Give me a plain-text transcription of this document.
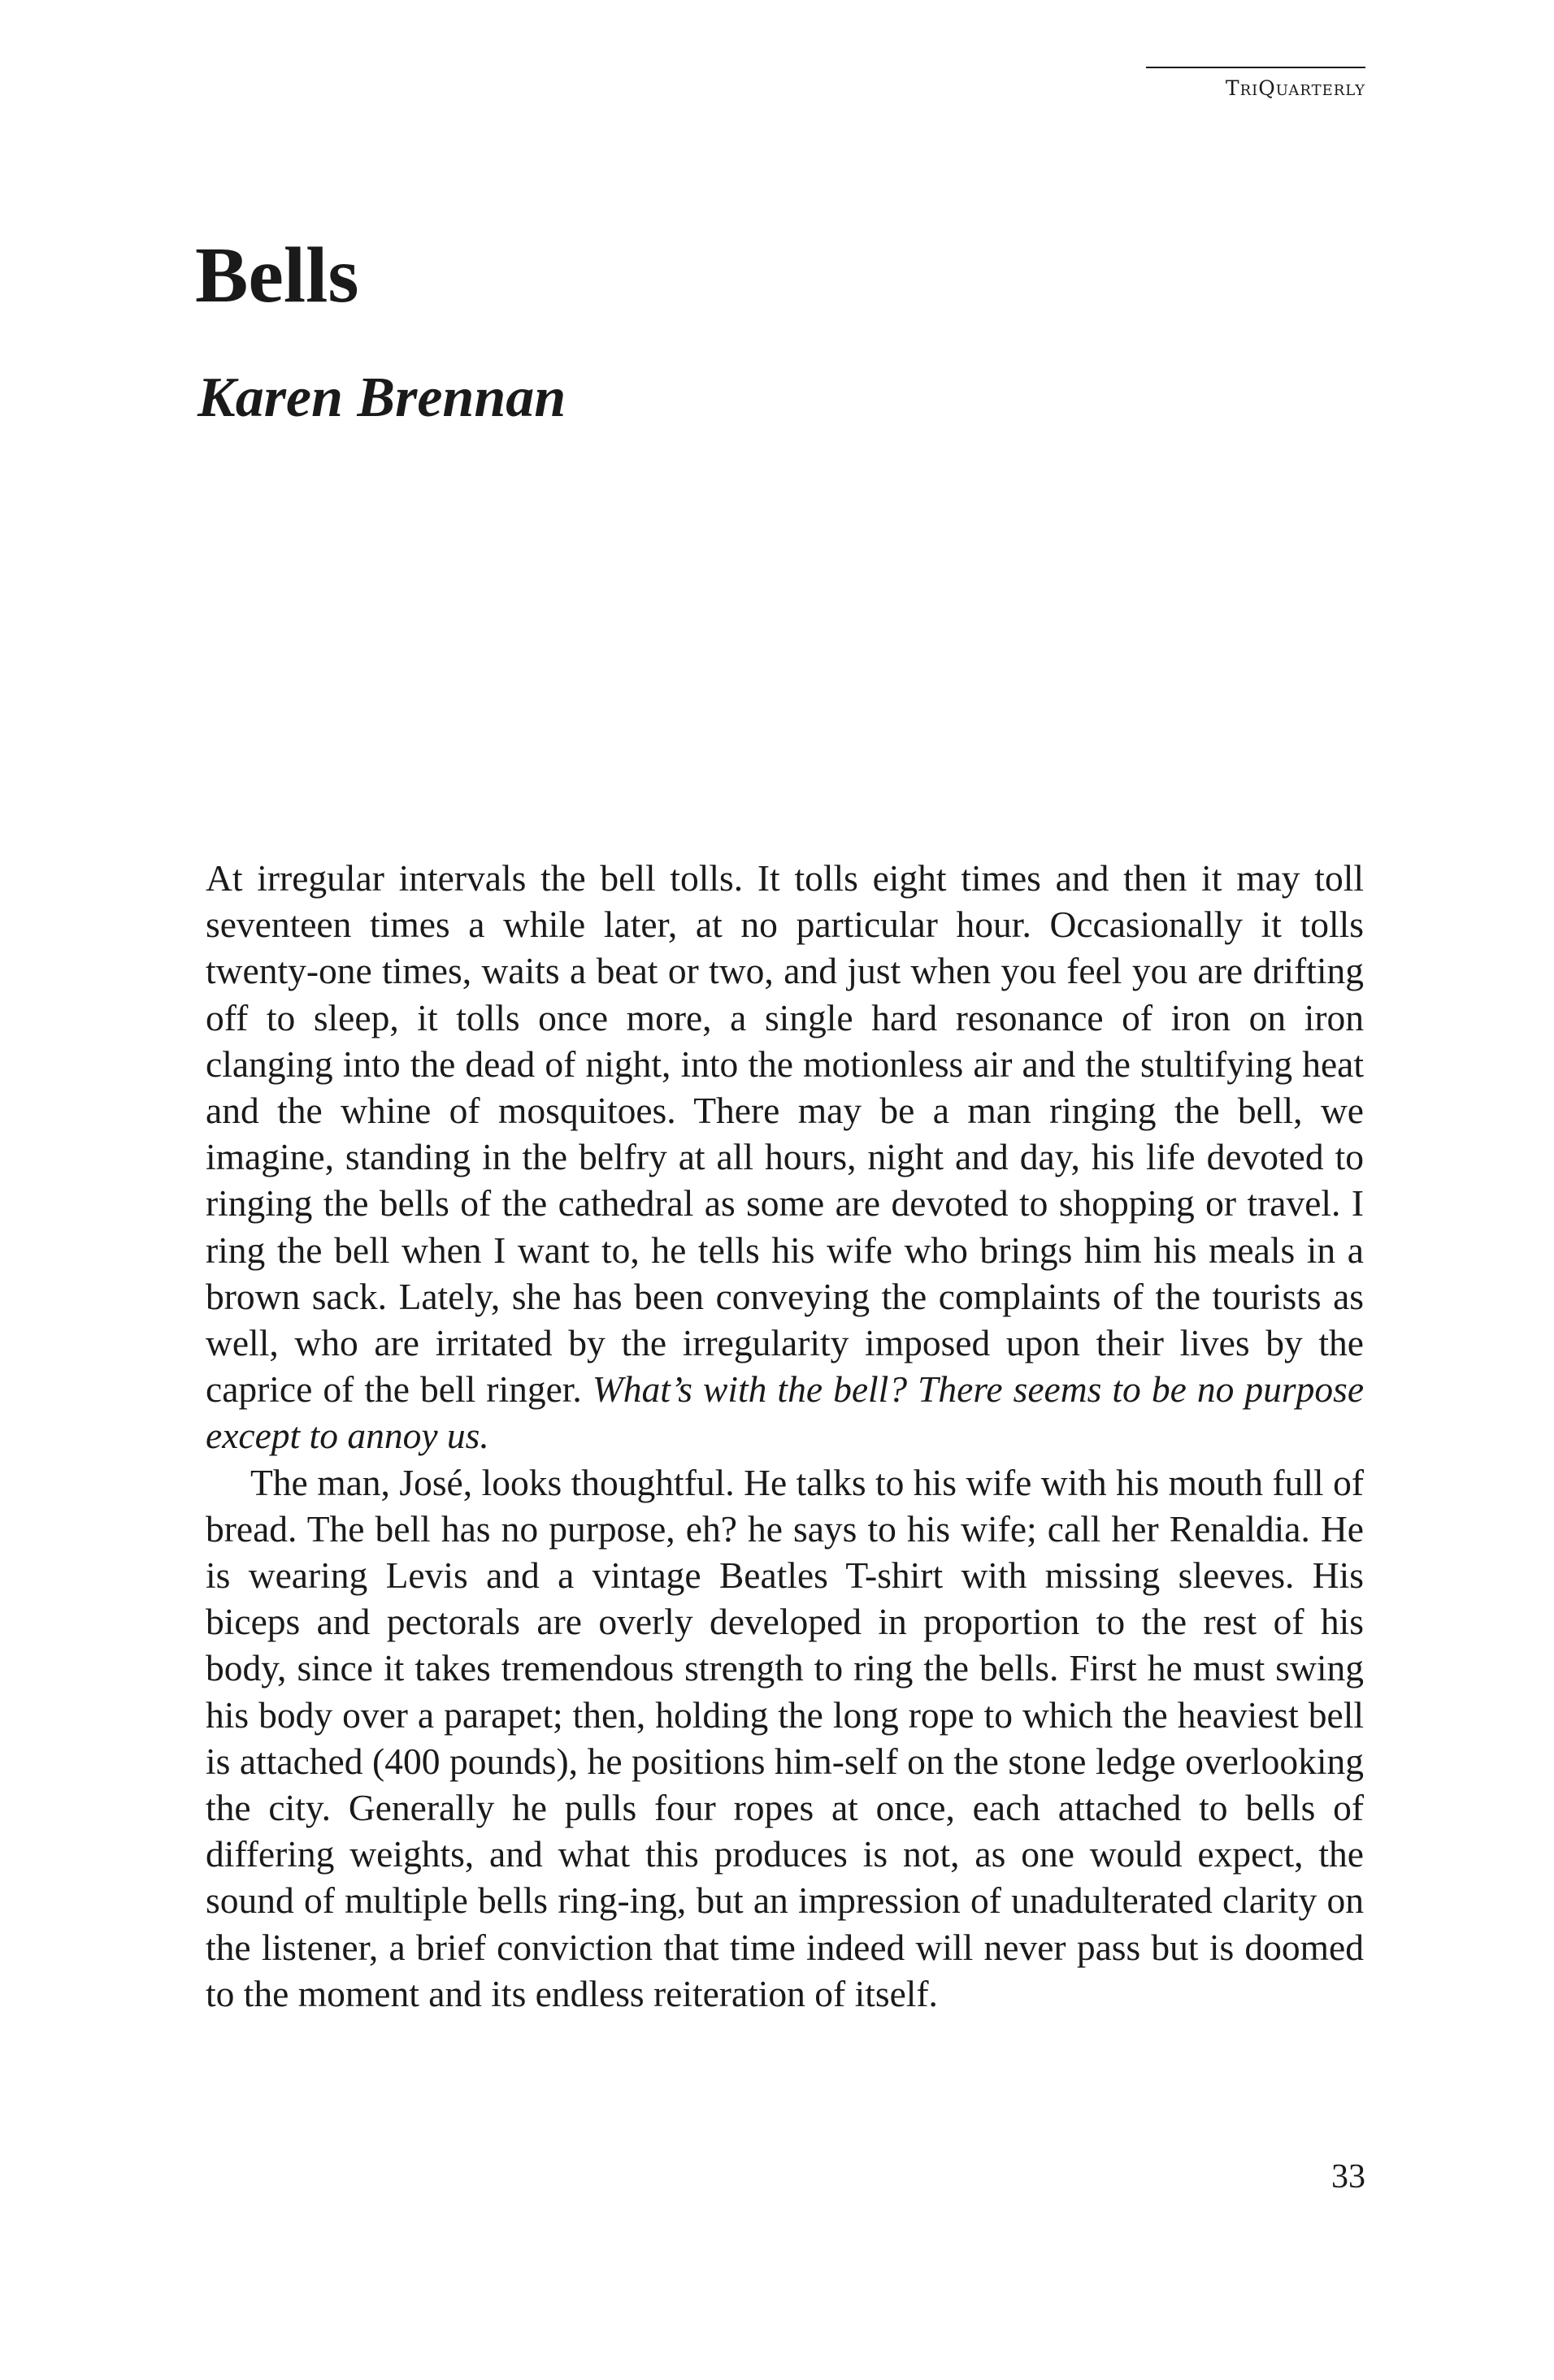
TriQuarterly
Bells
Karen Brennan

At irregular intervals the bell tolls. It tolls eight times and then it may toll seventeen times a while later, at no particular hour. Occasionally it tolls twenty-one times, waits a beat or two, and just when you feel you are drifting off to sleep, it tolls once more, a single hard resonance of iron on iron clanging into the dead of night, into the motionless air and the stultifying heat and the whine of mosquitoes. There may be a man ringing the bell, we imagine, standing in the belfry at all hours, night and day, his life devoted to ringing the bells of the cathedral as some are devoted to shopping or travel. I ring the bell when I want to, he tells his wife who brings him his meals in a brown sack. Lately, she has been conveying the complaints of the tourists as well, who are irritated by the irregularity imposed upon their lives by the caprice of the bell ringer. What’s with the bell? There seems to be no purpose except to annoy us.

The man, José, looks thoughtful. He talks to his wife with his mouth full of bread. The bell has no purpose, eh? he says to his wife; call her Renaldia. He is wearing Levis and a vintage Beatles T-shirt with missing sleeves. His biceps and pectorals are overly developed in proportion to the rest of his body, since it takes tremendous strength to ring the bells. First he must swing his body over a parapet; then, holding the long rope to which the heaviest bell is attached (400 pounds), he positions him-self on the stone ledge overlooking the city. Generally he pulls four ropes at once, each attached to bells of differing weights, and what this produces is not, as one would expect, the sound of multiple bells ring-ing, but an impression of unadulterated clarity on the listener, a brief conviction that time indeed will never pass but is doomed to the moment and its endless reiteration of itself.

33
